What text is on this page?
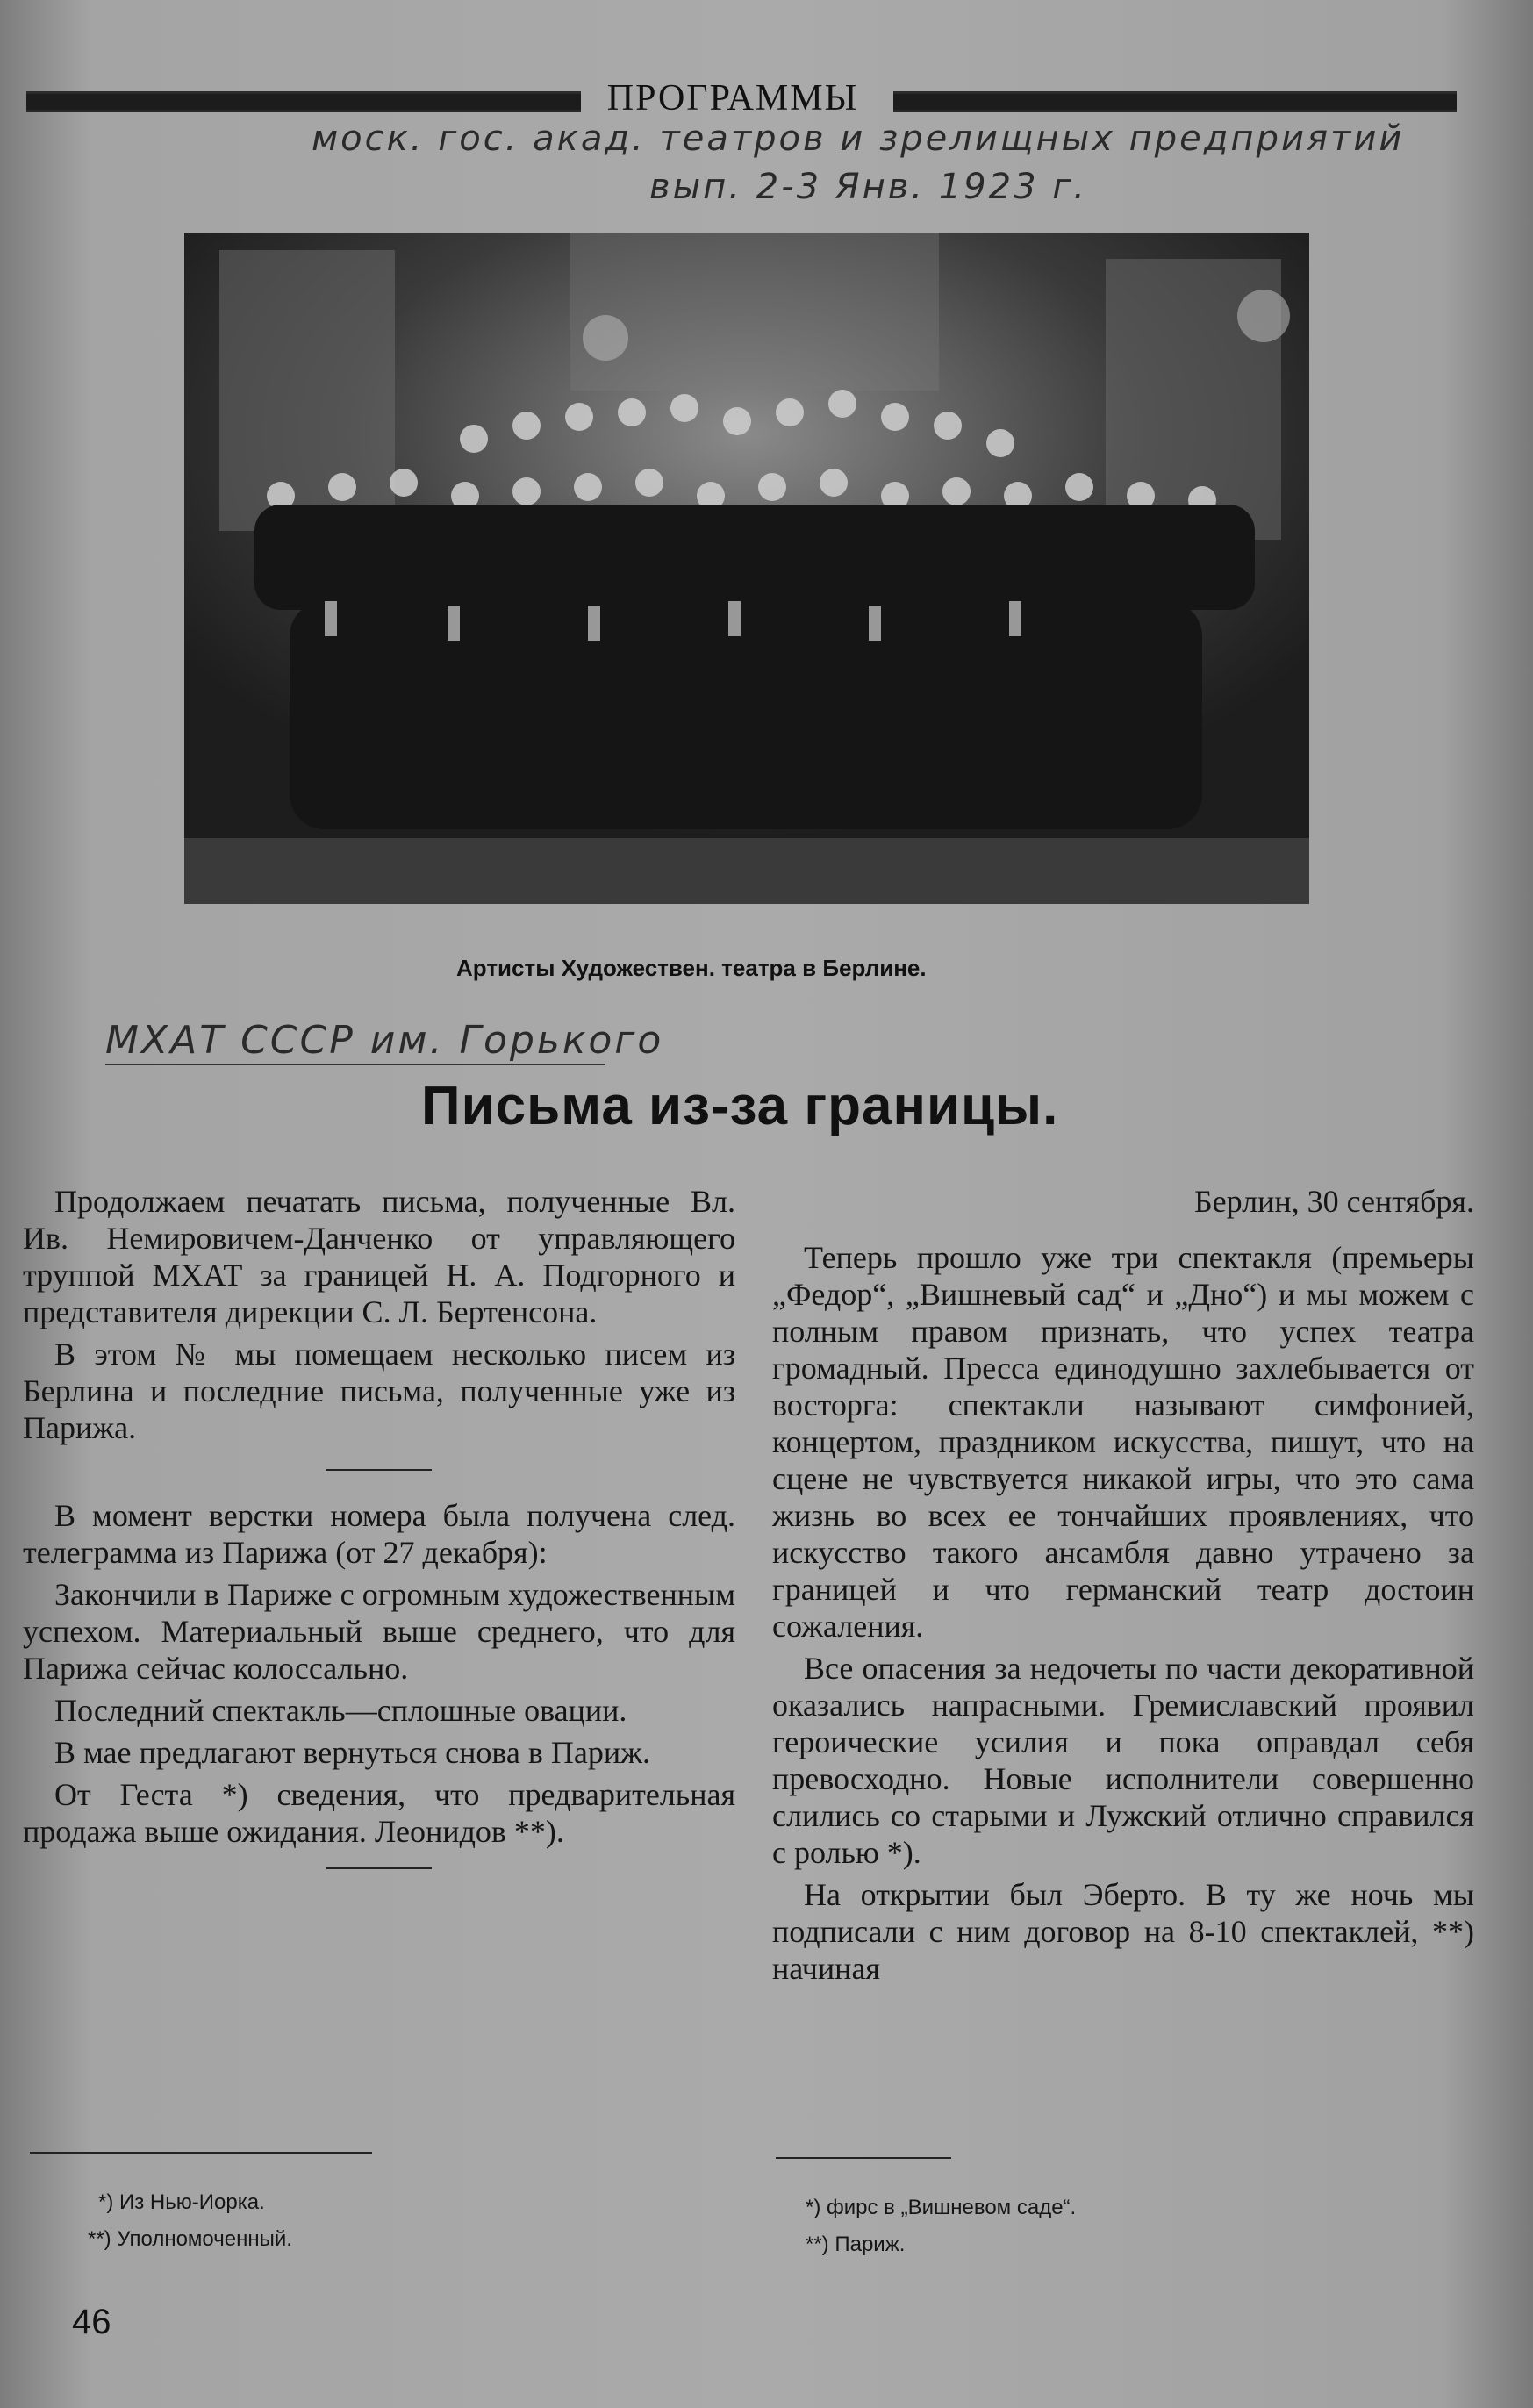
ПРОГРАММЫ
моск. гос. акад. театров и зрелищных предприятий
вып. 2-3 Янв. 1923 г.
Артисты Художествен. театра в Берлине.
МХАТ СССР им. Горького
Письма из-за границы.

Продолжаем печатать письма, полученные Вл. Ив. Немировичем-Данченко от управляющего труппой МХАТ за границей Н. А. Подгорного и представителя дирекции С. Л. Бертенсона.

В этом № мы помещаем несколько писем из Берлина и последние письма, полученные уже из Парижа.

В момент верстки номера была получена след. телеграмма из Парижа (от 27 декабря):

Закончили в Париже с огромным художественным успехом. Материальный выше среднего, что для Парижа сейчас колоссально.

Последний спектакль—сплошные овации.

В мае предлагают вернуться снова в Париж.

От Геста *) сведения, что предварительная продажа выше ожидания. Леонидов **).

Берлин, 30 сентября.

Теперь прошло уже три спектакля (премьеры „Федор“, „Вишневый сад“ и „Дно“) и мы можем с полным правом признать, что успех театра громадный. Пресса единодушно захлебывается от восторга: спектакли называют симфонией, концертом, праздником искусства, пишут, что на сцене не чувствуется никакой игры, что это сама жизнь во всех ее тончайших проявлениях, что искусство такого ансамбля давно утрачено за границей и что германский театр достоин сожаления.

Все опасения за недочеты по части декоративной оказались напрасными. Гремиславский проявил героические усилия и пока оправдал себя превосходно. Новые исполнители совершенно слились со старыми и Лужский отлично справился с ролью *).

На открытии был Эберто. В ту же ночь мы подписали с ним договор на 8-10 спектаклей, **) начиная

*) Из Нью-Иорка.
**) Уполномоченный.
*) фирс в „Вишневом саде“.
**) Париж.
46
